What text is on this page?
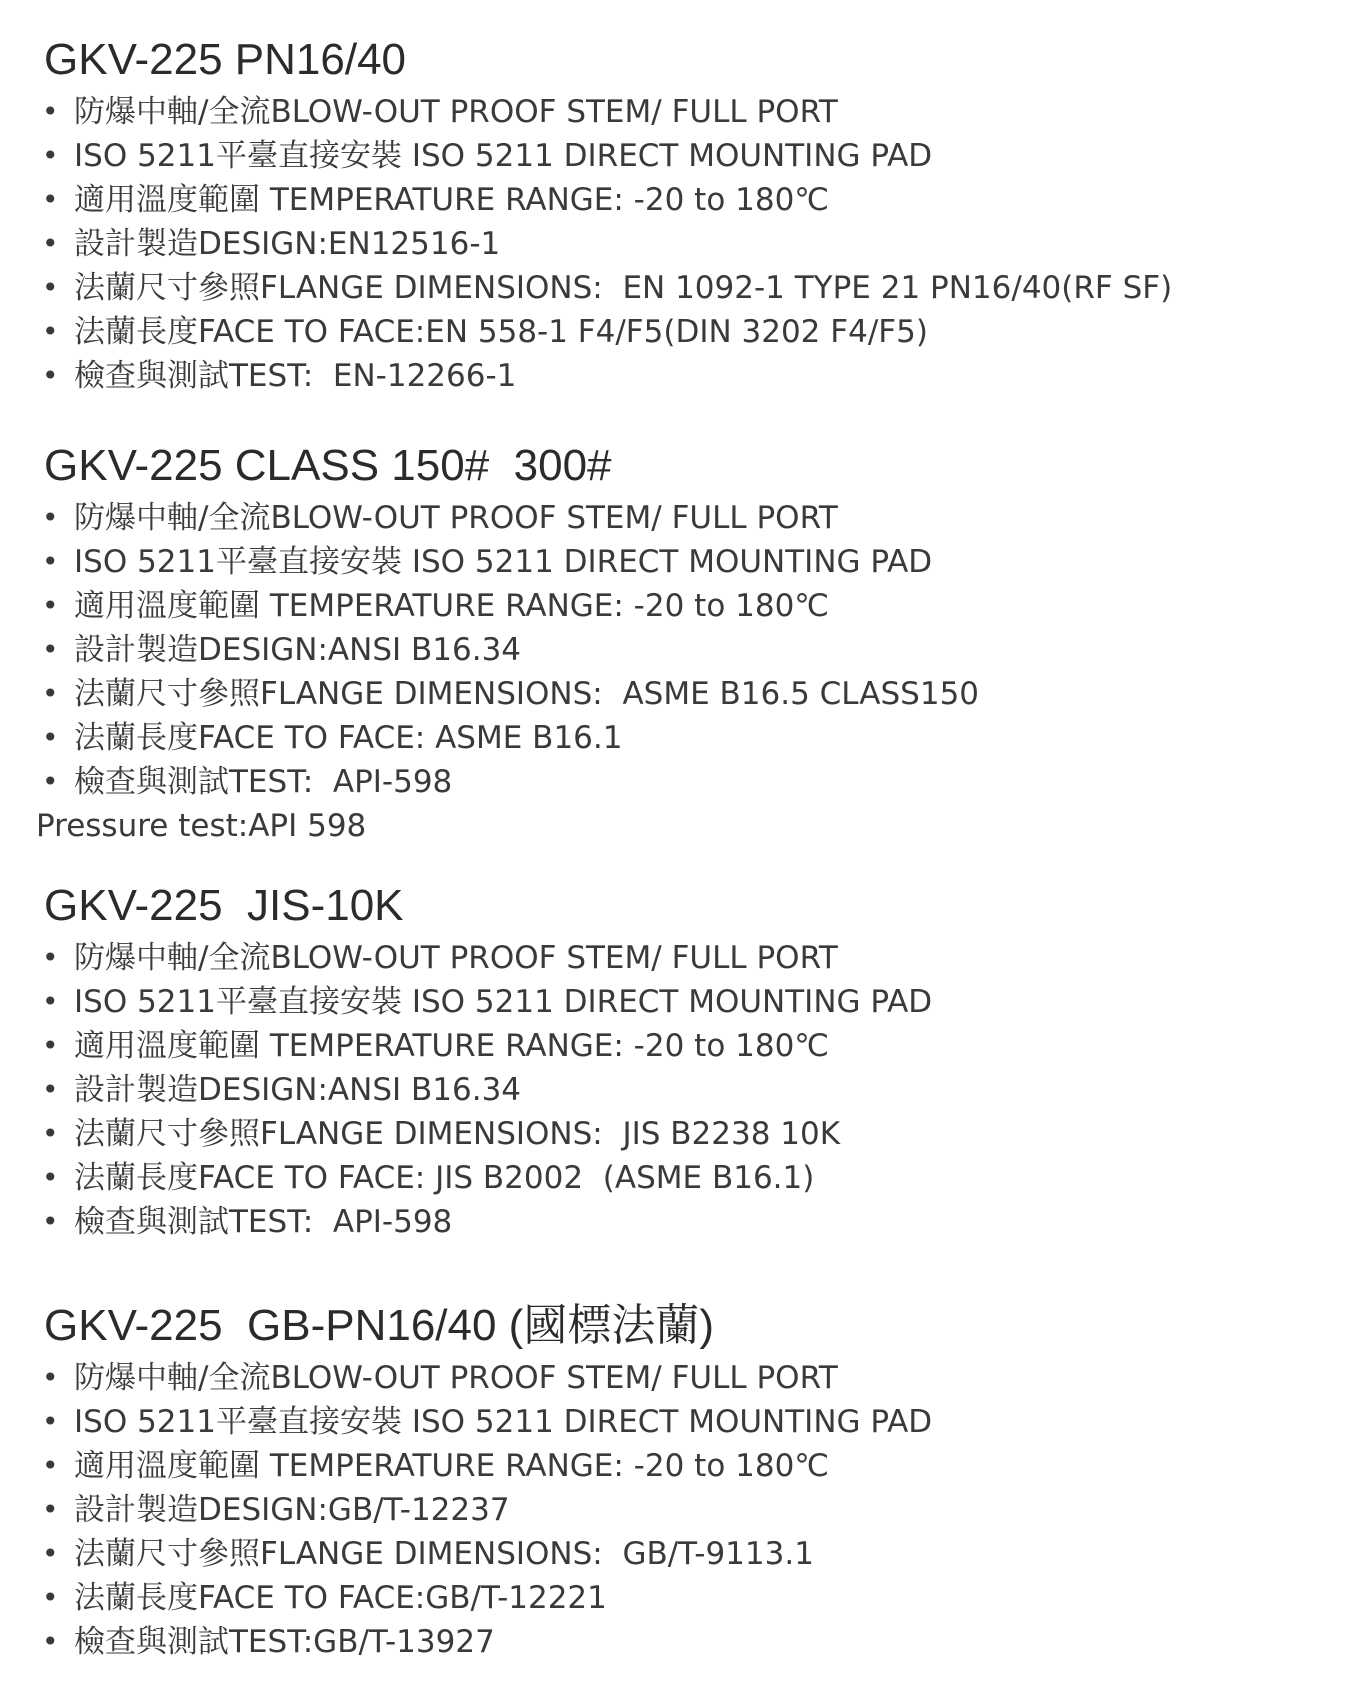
GKV-225 PN16/40
• 防爆中軸/全流BLOW-OUT PROOF STEM/ FULL PORT
• ISO 5211平臺直接安裝 ISO 5211 DIRECT MOUNTING PAD
• 適用溫度範圍 TEMPERATURE RANGE: -20 to 180℃
• 設計製造DESIGN:EN12516-1
• 法蘭尺寸參照FLANGE DIMENSIONS:  EN 1092-1 TYPE 21 PN16/40(RF SF)
• 法蘭長度FACE TO FACE:EN 558-1 F4/F5(DIN 3202 F4/F5)
• 檢查與測試TEST:  EN-12266-1
GKV-225 CLASS 150#  300#
• 防爆中軸/全流BLOW-OUT PROOF STEM/ FULL PORT
• ISO 5211平臺直接安裝 ISO 5211 DIRECT MOUNTING PAD
• 適用溫度範圍 TEMPERATURE RANGE: -20 to 180℃
• 設計製造DESIGN:ANSI B16.34
• 法蘭尺寸參照FLANGE DIMENSIONS:  ASME B16.5 CLASS150
• 法蘭長度FACE TO FACE: ASME B16.1
• 檢查與測試TEST:  API-598
Pressure test:API 598
GKV-225  JIS-10K
• 防爆中軸/全流BLOW-OUT PROOF STEM/ FULL PORT
• ISO 5211平臺直接安裝 ISO 5211 DIRECT MOUNTING PAD
• 適用溫度範圍 TEMPERATURE RANGE: -20 to 180℃
• 設計製造DESIGN:ANSI B16.34
• 法蘭尺寸參照FLANGE DIMENSIONS:  JIS B2238 10K
• 法蘭長度FACE TO FACE: JIS B2002  (ASME B16.1)
• 檢查與測試TEST:  API-598
GKV-225  GB-PN16/40 (國標法蘭)
• 防爆中軸/全流BLOW-OUT PROOF STEM/ FULL PORT
• ISO 5211平臺直接安裝 ISO 5211 DIRECT MOUNTING PAD
• 適用溫度範圍 TEMPERATURE RANGE: -20 to 180℃
• 設計製造DESIGN:GB/T-12237
• 法蘭尺寸參照FLANGE DIMENSIONS:  GB/T-9113.1
• 法蘭長度FACE TO FACE:GB/T-12221
• 檢查與測試TEST:GB/T-13927
